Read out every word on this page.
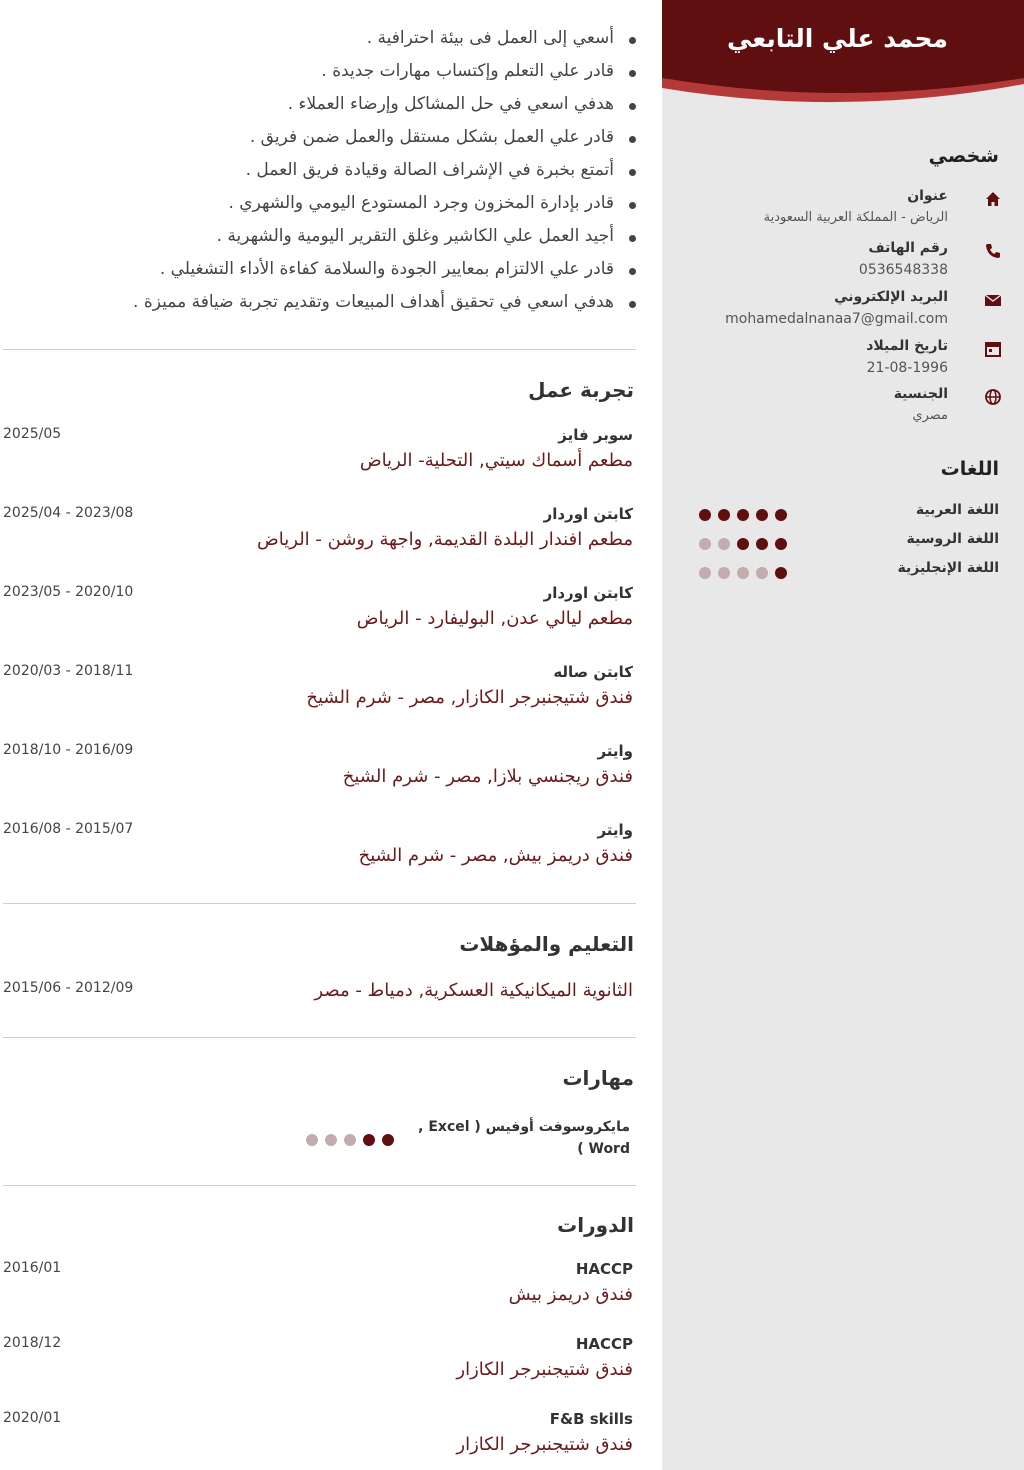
محمد علي التابعي
شخصي
عنوان
الرياض - المملكة العربية السعودية
رقم الهاتف
0536548338
البريد الإلكتروني
mohamedalnanaa7@gmail.com
تاريخ الميلاد
21-08-1996
الجنسية
مصري
اللغات
اللغة العربية
اللغة الروسية
اللغة الإنجليزية
أسعي إلى العمل فى بيئة احترافية .
قادر علي التعلم وإكتساب مهارات جديدة .
هدفي اسعي في حل المشاكل وإرضاء العملاء .
قادر علي العمل بشكل مستقل والعمل ضمن فريق .
أتمتع بخبرة في الإشراف الصالة وقيادة فريق العمل .
قادر بإدارة المخزون وجرد المستودع اليومي والشهري .
أجيد العمل علي الكاشير وغلق التقرير اليومية والشهرية .
قادر علي الالتزام بمعايير الجودة والسلامة كفاءة الأداء التشغيلي .
هدفي اسعي في تحقيق أهداف المبيعات وتقديم تجربة ضيافة مميزة .
تجربة عمل
2025/05	سوبر فايز
مطعم أسماك سيتي, التحلية- الرياض
2025/04 - 2023/08	كابتن اوردار
مطعم افندار البلدة القديمة, واجهة روشن - الرياض
2023/05 - 2020/10	كابتن اوردار
مطعم ليالي عدن, البوليفارد - الرياض
2020/03 - 2018/11	كابتن صاله
فندق شتيجنبرجر الكازار, مصر - شرم الشيخ
2018/10 - 2016/09	وايتر
فندق ريجنسي بلازا, مصر - شرم الشيخ
2016/08 - 2015/07	وايتر
فندق دريمز بيش, مصر - شرم الشيخ
التعليم والمؤهلات
2015/06 - 2012/09	الثانوية الميكانيكية العسكرية, دمياط - مصر
مهارات
مايكروسوفت أوفيس ( Excel ,
Word )
الدورات
2016/01	HACCP
فندق دريمز بيش
2018/12	HACCP
فندق شتيجنبرجر الكازار
2020/01	F&B skills
فندق شتيجنبرجر الكازار
